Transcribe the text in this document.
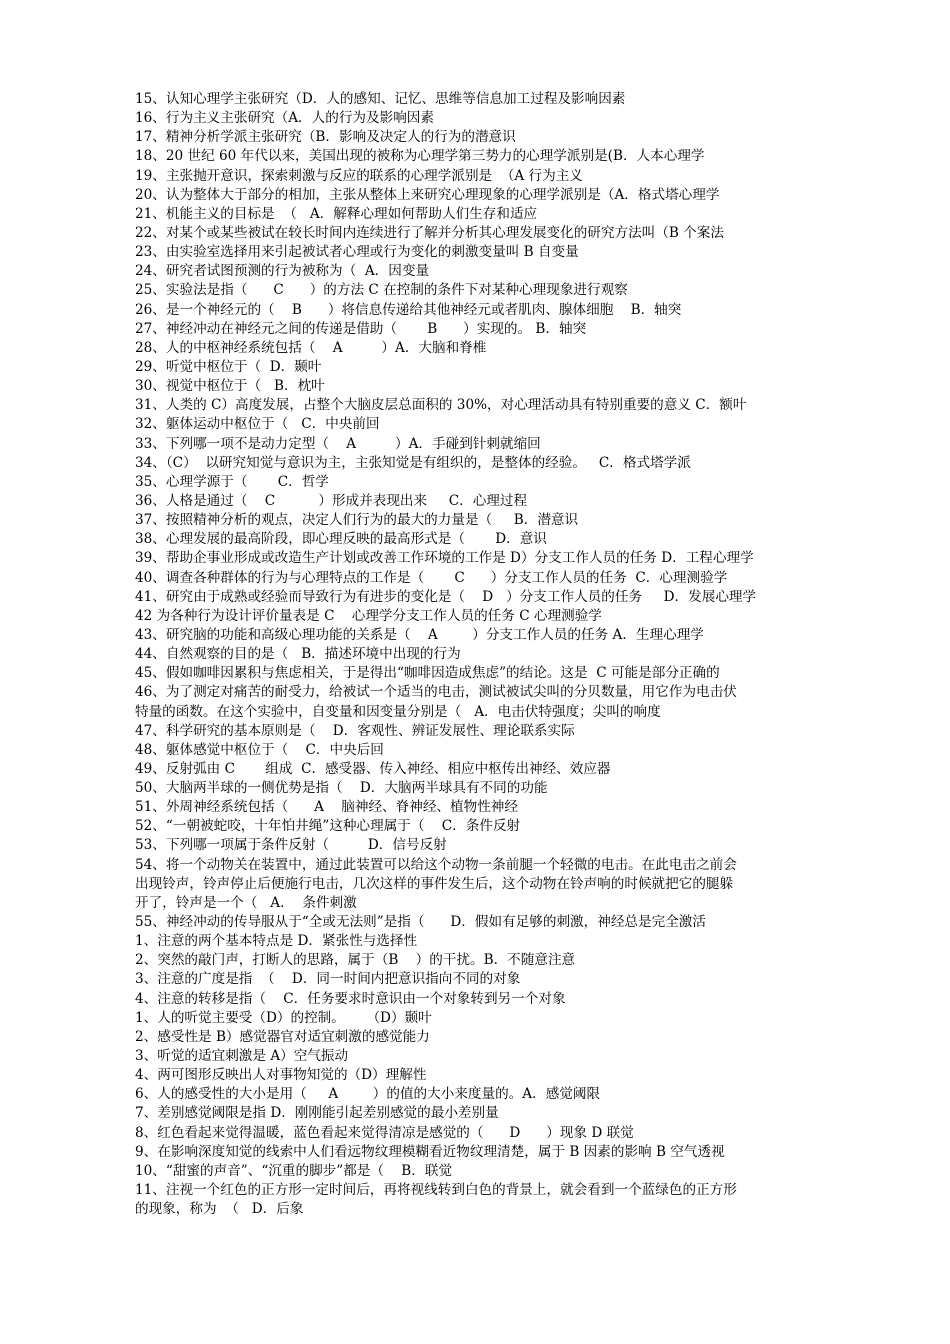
15、认知心理学主张研究（D．人的感知、记忆、思维等信息加工过程及影响因素
16、行为主义主张研究（A．人的行为及影响因素
17、精神分析学派主张研究（B．影响及决定人的行为的潜意识
18、20 世纪 60 年代以来，美国出现的被称为心理学第三势力的心理学派别是(B．人本心理学
19、主张抛开意识，探索刺激与反应的联系的心理学派别是  （A 行为主义
20、认为整体大于部分的相加，主张从整体上来研究心理现象的心理学派别是（A．格式塔心理学
21、机能主义的目标是  （   A．解释心理如何帮助人们生存和适应
22、对某个或某些被试在较长时间内连续进行了解并分析其心理发展变化的研究方法叫（B 个案法
23、由实验室选择用来引起被试者心理或行为变化的刺激变量叫 B 自变量
24、研究者试图预测的行为被称为（  A．因变量
25、实验法是指（      C      ）的方法 C 在控制的条件下对某种心理现象进行观察
26、是一个神经元的（    B      ）将信息传递给其他神经元或者肌肉、腺体细胞    B．轴突
27、神经冲动在神经元之间的传递是借助（       B      ）实现的。 B．轴突
28、人的中枢神经系统包括（    A         ）A．大脑和脊椎
29、听觉中枢位于（  D．颞叶
30、视觉中枢位于（   B．枕叶
31、人类的 C）高度发展，占整个大脑皮层总面积的 30%，对心理活动具有特别重要的意义 C．额叶
32、躯体运动中枢位于（   C．中央前回
33、下列哪一项不是动力定型（    A         ）A．手碰到针刺就缩回
34、（C）  以研究知觉与意识为主，主张知觉是有组织的，是整体的经验。   C．格式塔学派
35、心理学源于（       C．哲学
36、人格是通过（    C          ）形成并表现出来     C．心理过程
37、按照精神分析的观点，决定人们行为的最大的力量是（     B．潜意识
38、心理发展的最高阶段，即心理反映的最高形式是（       D．意识
39、帮助企事业形成或改造生产计划或改善工作环境的工作是 D）分支工作人员的任务 D．工程心理学
40、调查各种群体的行为与心理特点的工作是（       C      ）分支工作人员的任务  C．心理测验学
41、研究由于成熟或经验而导致行为有进步的变化是（    D   ）分支工作人员的任务     D．发展心理学
42 为各种行为设计评价量表是 C    心理学分支工作人员的任务 C 心理测验学
43、研究脑的功能和高级心理功能的关系是（    A        ）分支工作人员的任务 A．生理心理学
44、自然观察的目的是（   B．描述环境中出现的行为
45、假如咖啡因累积与焦虑相关，于是得出“咖啡因造成焦虑”的结论。这是  C 可能是部分正确的
46、为了测定对痛苦的耐受力，给被试一个适当的电击，测试被试尖叫的分贝数量，用它作为电击伏
特量的函数。在这个实验中，自变量和因变量分别是（   A．电击伏特强度；尖叫的响度
47、科学研究的基本原则是（    D．客观性、辨证发展性、理论联系实际
48、躯体感觉中枢位于（    C．中央后回
49、反射弧由 C       组成  C．感受器、传入神经、相应中枢传出神经、效应器
50、大脑两半球的一侧优势是指（    D．大脑两半球具有不同的功能
51、外周神经系统包括（      A    脑神经、脊神经、植物性神经
52、“一朝被蛇咬，十年怕井绳”这种心理属于（    C．条件反射
53、下列哪一项属于条件反射（         D．信号反射
54、将一个动物关在装置中，通过此装置可以给这个动物一条前腿一个轻微的电击。在此电击之前会
出现铃声，铃声停止后便施行电击，几次这样的事件发生后，这个动物在铃声响的时候就把它的腿躲
开了，铃声是一个（   A．  条件刺激
55、神经冲动的传导服从于“全或无法则”是指（      D．假如有足够的刺激，神经总是完全激活
1、注意的两个基本特点是 D．紧张性与选择性
2、突然的敲门声，打断人的思路，属于（B    ）的干扰。B．不随意注意
3、注意的广度是指  （    D．同一时间内把意识指向不同的对象
4、注意的转移是指（    C．任务要求时意识由一个对象转到另一个对象
1、人的听觉主要受（D）的控制。     （D）颞叶
2、感受性是 B）感觉器官对适宜刺激的感觉能力
3、听觉的适宜刺激是 A）空气振动
4、两可图形反映出人对事物知觉的（D）理解性
6、人的感受性的大小是用（     A        ）的值的大小来度量的。A．感觉阈限
7、差别感觉阈限是指 D．刚刚能引起差别感觉的最小差别量
8、红色看起来觉得温暖，蓝色看起来觉得清凉是感觉的（      D      ）现象 D 联觉
9、在影响深度知觉的线索中人们看远物纹理模糊看近物纹理清楚，属于 B 因素的影响 B 空气透视
10、“甜蜜的声音”、“沉重的脚步”都是（    B．联觉
11、注视一个红色的正方形一定时间后，再将视线转到白色的背景上，就会看到一个蓝绿色的正方形
的现象，称为  （   D．后象
